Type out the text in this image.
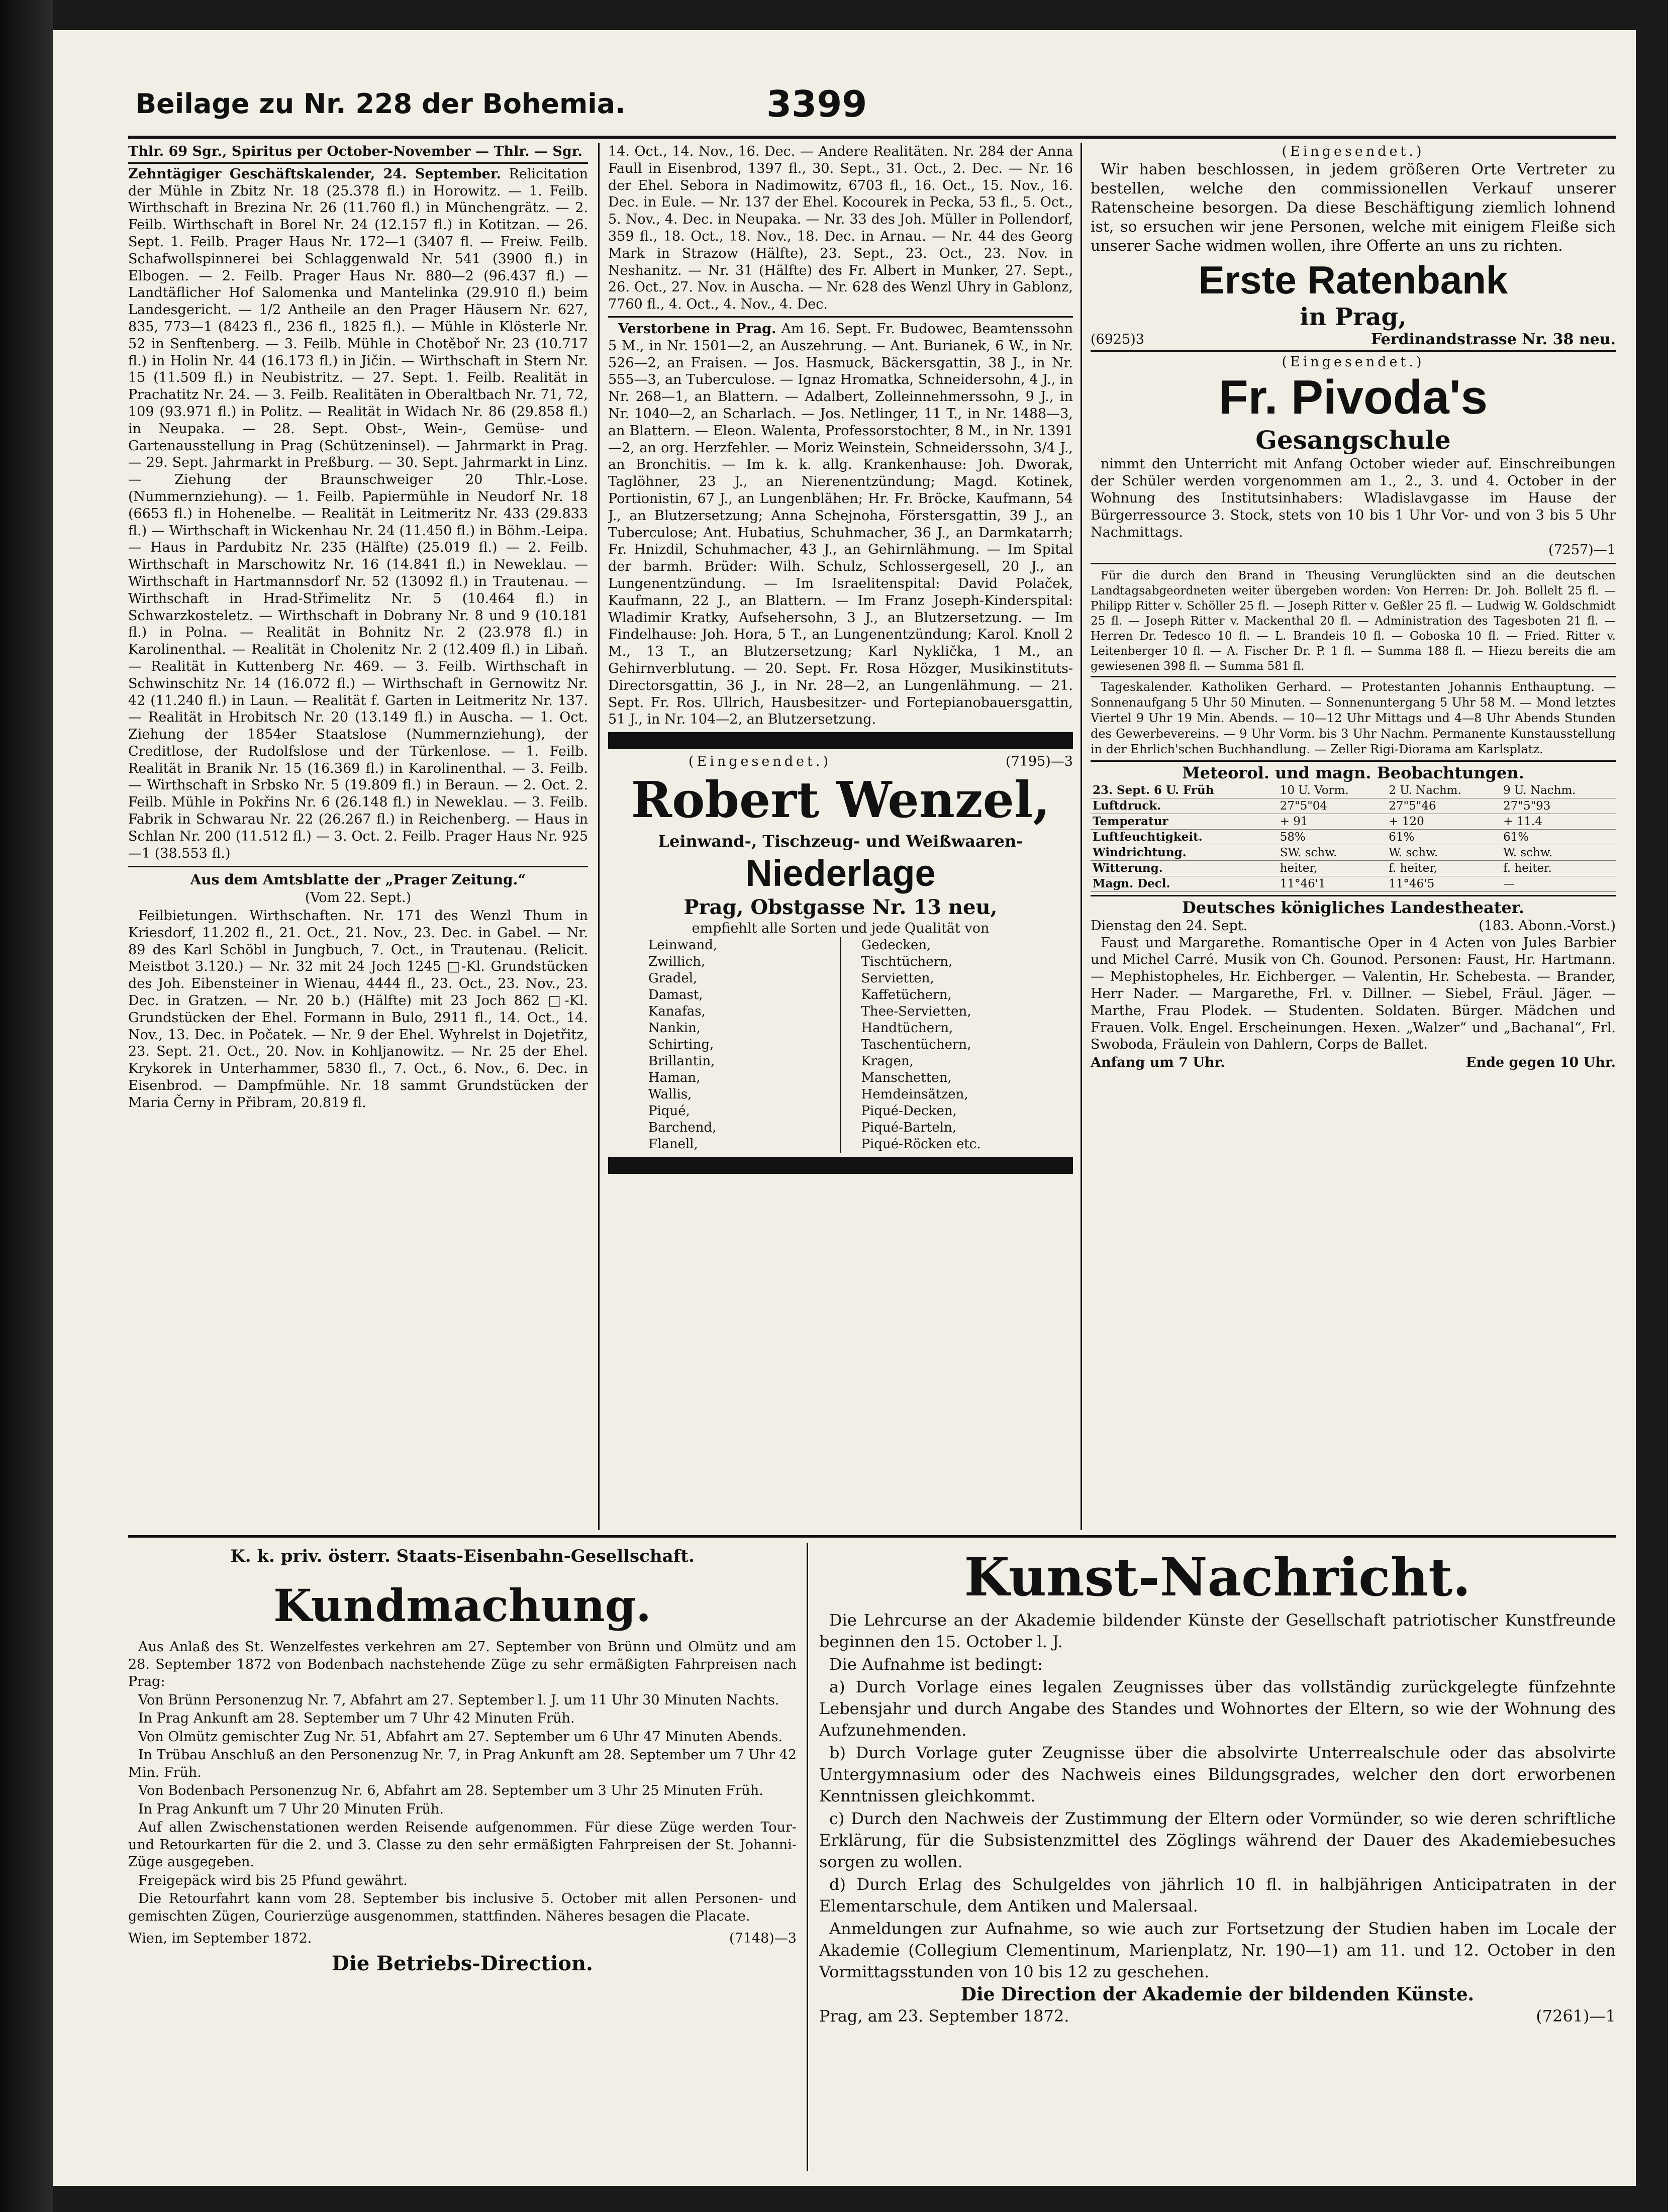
Beilage zu Nr. 228 der Bohemia.	3399

Thlr. 69 Sgr., Spiritus per October-November — Thlr. — Sgr.

Zehntägiger Geschäftskalender, 24. September. Relicitation der Mühle in Zbitz Nr. 18 (25.378 fl.) in Horowitz. — 1. Feilb. Wirthschaft in Brezina Nr. 26 (11.760 fl.) in Münchengrätz. — 2. Feilb. Wirthschaft in Borel Nr. 24 (12.157 fl.) in Kotitzan. — 26. Sept. 1. Feilb. Prager Haus Nr. 172—1 (3407 fl. — Freiw. Feilb. Schafwollspinnerei bei Schlaggenwald Nr. 541 (3900 fl.) in Elbogen. — 2. Feilb. Prager Haus Nr. 880—2 (96.437 fl.) — Landtäflicher Hof Salomenka und Mantelinka (29.910 fl.) beim Landesgericht. — 1/2 Antheile an den Prager Häusern Nr. 627, 835, 773—1 (8423 fl., 236 fl., 1825 fl.). — Mühle in Klösterle Nr. 52 in Senftenberg. — 3. Feilb. Mühle in Chotěboř Nr. 23 (10.717 fl.) in Holin Nr. 44 (16.173 fl.) in Jičin. — Wirthschaft in Stern Nr. 15 (11.509 fl.) in Neubistritz. — 27. Sept. 1. Feilb. Realität in Prachatitz Nr. 24. — 3. Feilb. Realitäten in Oberaltbach Nr. 71, 72, 109 (93.971 fl.) in Politz. — Realität in Widach Nr. 86 (29.858 fl.) in Neupaka. — 28. Sept. Obst-, Wein-, Gemüse- und Gartenausstellung in Prag (Schützeninsel). — Jahrmarkt in Prag. — 29. Sept. Jahrmarkt in Preßburg. — 30. Sept. Jahrmarkt in Linz. — Ziehung der Braunschweiger 20 Thlr.-Lose. (Nummernziehung). — 1. Feilb. Papiermühle in Neudorf Nr. 18 (6653 fl.) in Hohenelbe. — Realität in Leitmeritz Nr. 433 (29.833 fl.) — Wirthschaft in Wickenhau Nr. 24 (11.450 fl.) in Böhm.-Leipa. — Haus in Pardubitz Nr. 235 (Hälfte) (25.019 fl.) — 2. Feilb. Wirthschaft in Marschowitz Nr. 16 (14.841 fl.) in Neweklau. — Wirthschaft in Hartmannsdorf Nr. 52 (13092 fl.) in Trautenau. — Wirthschaft in Hrad-Střimelitz Nr. 5 (10.464 fl.) in Schwarzkosteletz. — Wirthschaft in Dobrany Nr. 8 und 9 (10.181 fl.) in Polna. — Realität in Bohnitz Nr. 2 (23.978 fl.) in Karolinenthal. — Realität in Cholenitz Nr. 2 (12.409 fl.) in Libaň. — Realität in Kuttenberg Nr. 469. — 3. Feilb. Wirthschaft in Schwinschitz Nr. 14 (16.072 fl.) — Wirthschaft in Gernowitz Nr. 42 (11.240 fl.) in Laun. — Realität f. Garten in Leitmeritz Nr. 137. — Realität in Hrobitsch Nr. 20 (13.149 fl.) in Auscha. — 1. Oct. Ziehung der 1854er Staatslose (Nummernziehung), der Creditlose, der Rudolfslose und der Türkenlose. — 1. Feilb. Realität in Branik Nr. 15 (16.369 fl.) in Karolinenthal. — 3. Feilb. — Wirthschaft in Srbsko Nr. 5 (19.809 fl.) in Beraun. — 2. Oct. 2. Feilb. Mühle in Pokřins Nr. 6 (26.148 fl.) in Neweklau. — 3. Feilb. Fabrik in Schwarau Nr. 22 (26.267 fl.) in Reichenberg. — Haus in Schlan Nr. 200 (11.512 fl.) — 3. Oct. 2. Feilb. Prager Haus Nr. 925—1 (38.553 fl.)

Aus dem Amtsblatte der „Prager Zeitung.“
(Vom 22. Sept.)

Feilbietungen. Wirthschaften. Nr. 171 des Wenzl Thum in Kriesdorf, 11.202 fl., 21. Oct., 21. Nov., 23. Dec. in Gabel. — Nr. 89 des Karl Schöbl in Jungbuch, 7. Oct., in Trautenau. (Relicit. Meistbot 3.120.) — Nr. 32 mit 24 Joch 1245 □-Kl. Grundstücken des Joh. Eibensteiner in Wienau, 4444 fl., 23. Oct., 23. Nov., 23. Dec. in Gratzen. — Nr. 20 b.) (Hälfte) mit 23 Joch 862 □-Kl. Grundstücken der Ehel. Formann in Bulo, 2911 fl., 14. Oct., 14. Nov., 13. Dec. in Počatek. — Nr. 9 der Ehel. Wyhrelst in Dojetřitz, 23. Sept. 21. Oct., 20. Nov. in Kohljanowitz. — Nr. 25 der Ehel. Krykorek in Unterhammer, 5830 fl., 7. Oct., 6. Nov., 6. Dec. in Eisenbrod. — Dampfmühle. Nr. 18 sammt Grundstücken der Maria Černy in Přibram, 20.819 fl.

14. Oct., 14. Nov., 16. Dec. — Andere Realitäten. Nr. 284 der Anna Faull in Eisenbrod, 1397 fl., 30. Sept., 31. Oct., 2. Dec. — Nr. 16 der Ehel. Sebora in Nadimowitz, 6703 fl., 16. Oct., 15. Nov., 16. Dec. in Eule. — Nr. 137 der Ehel. Kocourek in Pecka, 53 fl., 5. Oct., 5. Nov., 4. Dec. in Neupaka. — Nr. 33 des Joh. Müller in Pollendorf, 359 fl., 18. Oct., 18. Nov., 18. Dec. in Arnau. — Nr. 44 des Georg Mark in Strazow (Hälfte), 23. Sept., 23. Oct., 23. Nov. in Neshanitz. — Nr. 31 (Hälfte) des Fr. Albert in Munker, 27. Sept., 26. Oct., 27. Nov. in Auscha. — Nr. 628 des Wenzl Uhry in Gablonz, 7760 fl., 4. Oct., 4. Nov., 4. Dec.

Verstorbene in Prag. Am 16. Sept. Fr. Budowec, Beamtenssohn 5 M., in Nr. 1501—2, an Auszehrung. — Ant. Burianek, 6 W., in Nr. 526—2, an Fraisen. — Jos. Hasmuck, Bäckersgattin, 38 J., in Nr. 555—3, an Tuberculose. — Ignaz Hromatka, Schneidersohn, 4 J., in Nr. 268—1, an Blattern. — Adalbert, Zolleinnehmerssohn, 9 J., in Nr. 1040—2, an Scharlach. — Jos. Netlinger, 11 T., in Nr. 1488—3, an Blattern. — Eleon. Walenta, Professorstochter, 8 M., in Nr. 1391—2, an org. Herzfehler. — Moriz Weinstein, Schneiderssohn, 3/4 J., an Bronchitis. — Im k. k. allg. Krankenhause: Joh. Dworak, Taglöhner, 23 J., an Nierenentzündung; Magd. Kotinek, Portionistin, 67 J., an Lungenblähen; Hr. Fr. Bröcke, Kaufmann, 54 J., an Blutzersetzung; Anna Schejnoha, Förstersgattin, 39 J., an Tuberculose; Ant. Hubatius, Schuhmacher, 36 J., an Darmkatarrh; Fr. Hnizdil, Schuhmacher, 43 J., an Gehirnlähmung. — Im Spital der barmh. Brüder: Wilh. Schulz, Schlossergesell, 20 J., an Lungenentzündung. — Im Israelitenspital: David Polaček, Kaufmann, 22 J., an Blattern. — Im Franz Joseph-Kinderspital: Wladimir Kratky, Aufsehersohn, 3 J., an Blutzersetzung. — Im Findelhause: Joh. Hora, 5 T., an Lungenentzündung; Karol. Knoll 2 M., 13 T., an Blutzersetzung; Karl Nyklička, 1 M., an Gehirnverblutung. — 20. Sept. Fr. Rosa Hözger, Musikinstituts-Directorsgattin, 36 J., in Nr. 28—2, an Lungenlähmung. — 21. Sept. Fr. Ros. Ullrich, Hausbesitzer- und Fortepianobauersgattin, 51 J., in Nr. 104—2, an Blutzersetzung.

(Eingesendet.)	(7195)—3
Robert Wenzel,
Leinwand-, Tischzeug- und Weißwaaren-
Niederlage
Prag, Obstgasse Nr. 13 neu,
empfiehlt alle Sorten und jede Qualität von
Leinwand,
Zwillich,
Gradel,
Damast,
Kanafas,
Nankin,
Schirting,
Brillantin,
Haman,
Wallis,
Piqué,
Barchend,
Flanell,

Gedecken,
Tischtüchern,
Servietten,
Kaffetüchern,
Thee-Servietten,
Handtüchern,
Taschentüchern,
Kragen,
Manschetten,
Hemdeinsätzen,
Piqué-Decken,
Piqué-Barteln,
Piqué-Röcken etc.
(Eingesendet.)

Wir haben beschlossen, in jedem größeren Orte Vertreter zu bestellen, welche den commissionellen Verkauf unserer Ratenscheine besorgen. Da diese Beschäftigung ziemlich lohnend ist, so ersuchen wir jene Personen, welche mit einigem Fleiße sich unserer Sache widmen wollen, ihre Offerte an uns zu richten.

Erste Ratenbank
in Prag,
(6925)3	Ferdinandstrasse Nr. 38 neu.
(Eingesendet.)
Fr. Pivoda's
Gesangschule

nimmt den Unterricht mit Anfang October wieder auf. Einschreibungen der Schüler werden vorgenommen am 1., 2., 3. und 4. October in der Wohnung des Institutsinhabers: Wladislavgasse im Hause der Bürgerressource 3. Stock, stets von 10 bis 1 Uhr Vor- und von 3 bis 5 Uhr Nachmittags.

(7257)—1

Für die durch den Brand in Theusing Verunglückten sind an die deutschen Landtagsabgeordneten weiter übergeben worden: Von Herren: Dr. Joh. Bollelt 25 fl. — Philipp Ritter v. Schöller 25 fl. — Joseph Ritter v. Geßler 25 fl. — Ludwig W. Goldschmidt 25 fl. — Joseph Ritter v. Mackenthal 20 fl. — Administration des Tagesboten 21 fl. — Herren Dr. Tedesco 10 fl. — L. Brandeis 10 fl. — Goboska 10 fl. — Fried. Ritter v. Leitenberger 10 fl. — A. Fischer Dr. P. 1 fl. — Summa 188 fl. — Hiezu bereits die am gewiesenen 398 fl. — Summa 581 fl.

Tageskalender. Katholiken Gerhard. — Protestanten Johannis Enthauptung. — Sonnenaufgang 5 Uhr 50 Minuten. — Sonnenuntergang 5 Uhr 58 M. — Mond letztes Viertel 9 Uhr 19 Min. Abends. — 10—12 Uhr Mittags und 4—8 Uhr Abends Stunden des Gewerbevereins. — 9 Uhr Vorm. bis 3 Uhr Nachm. Permanente Kunstausstellung in der Ehrlich'schen Buchhandlung. — Zeller Rigi-Diorama am Karlsplatz.

Meteorol. und magn. Beobachtungen.
23. Sept. 6 U. Früh	10 U. Vorm.	2 U. Nachm.	9 U. Nachm.
Luftdruck.	27"5"04	27"5"46	27"5"93
Temperatur	+ 91	+ 120	+ 11.4
Luftfeuchtigkeit.	58%	61%	61%
Windrichtung.	SW. schw.	W. schw.	W. schw.
Witterung.	heiter,	f. heiter,	f. heiter.
Magn. Decl.	11°46'1	11°46'5	—
Deutsches königliches Landestheater.
Dienstag den 24. Sept.	(183. Abonn.-Vorst.)

Faust und Margarethe. Romantische Oper in 4 Acten von Jules Barbier und Michel Carré. Musik von Ch. Gounod. Personen: Faust, Hr. Hartmann. — Mephistopheles, Hr. Eichberger. — Valentin, Hr. Schebesta. — Brander, Herr Nader. — Margarethe, Frl. v. Dillner. — Siebel, Fräul. Jäger. — Marthe, Frau Plodek. — Studenten. Soldaten. Bürger. Mädchen und Frauen. Volk. Engel. Erscheinungen. Hexen. „Walzer“ und „Bachanal“, Frl. Swoboda, Fräulein von Dahlern, Corps de Ballet.

Anfang um 7 Uhr.	Ende gegen 10 Uhr.
K. k. priv. österr. Staats-Eisenbahn-Gesellschaft.
Kundmachung.

Aus Anlaß des St. Wenzelfestes verkehren am 27. September von Brünn und Olmütz und am 28. September 1872 von Bodenbach nachstehende Züge zu sehr ermäßigten Fahrpreisen nach Prag:

Von Brünn Personenzug Nr. 7, Abfahrt am 27. September l. J. um 11 Uhr 30 Minuten Nachts.

In Prag Ankunft am 28. September um 7 Uhr 42 Minuten Früh.

Von Olmütz gemischter Zug Nr. 51, Abfahrt am 27. September um 6 Uhr 47 Minuten Abends.

In Trübau Anschluß an den Personenzug Nr. 7, in Prag Ankunft am 28. September um 7 Uhr 42 Min. Früh.

Von Bodenbach Personenzug Nr. 6, Abfahrt am 28. September um 3 Uhr 25 Minuten Früh.

In Prag Ankunft um 7 Uhr 20 Minuten Früh.

Auf allen Zwischenstationen werden Reisende aufgenommen. Für diese Züge werden Tour- und Retourkarten für die 2. und 3. Classe zu den sehr ermäßigten Fahrpreisen der St. Johanni-Züge ausgegeben.

Freigepäck wird bis 25 Pfund gewährt.

Die Retourfahrt kann vom 28. September bis inclusive 5. October mit allen Personen- und gemischten Zügen, Courierzüge ausgenommen, stattfinden. Näheres besagen die Placate.

Wien, im September 1872.	(7148)—3
Die Betriebs-Direction.
Kunst-Nachricht.

Die Lehrcurse an der Akademie bildender Künste der Gesellschaft patriotischer Kunstfreunde beginnen den 15. October l. J.

Die Aufnahme ist bedingt:

a) Durch Vorlage eines legalen Zeugnisses über das vollständig zurückgelegte fünfzehnte Lebensjahr und durch Angabe des Standes und Wohnortes der Eltern, so wie der Wohnung des Aufzunehmenden.

b) Durch Vorlage guter Zeugnisse über die absolvirte Unterrealschule oder das absolvirte Untergymnasium oder des Nachweis eines Bildungsgrades, welcher den dort erworbenen Kenntnissen gleichkommt.

c) Durch den Nachweis der Zustimmung der Eltern oder Vormünder, so wie deren schriftliche Erklärung, für die Subsistenzmittel des Zöglings während der Dauer des Akademiebesuches sorgen zu wollen.

d) Durch Erlag des Schulgeldes von jährlich 10 fl. in halbjährigen Anticipatraten in der Elementarschule, dem Antiken und Malersaal.

Anmeldungen zur Aufnahme, so wie auch zur Fortsetzung der Studien haben im Locale der Akademie (Collegium Clementinum, Marienplatz, Nr. 190—1) am 11. und 12. October in den Vormittagsstunden von 10 bis 12 zu geschehen.

Die Direction der Akademie der bildenden Künste.
Prag, am 23. September 1872.	(7261)—1
